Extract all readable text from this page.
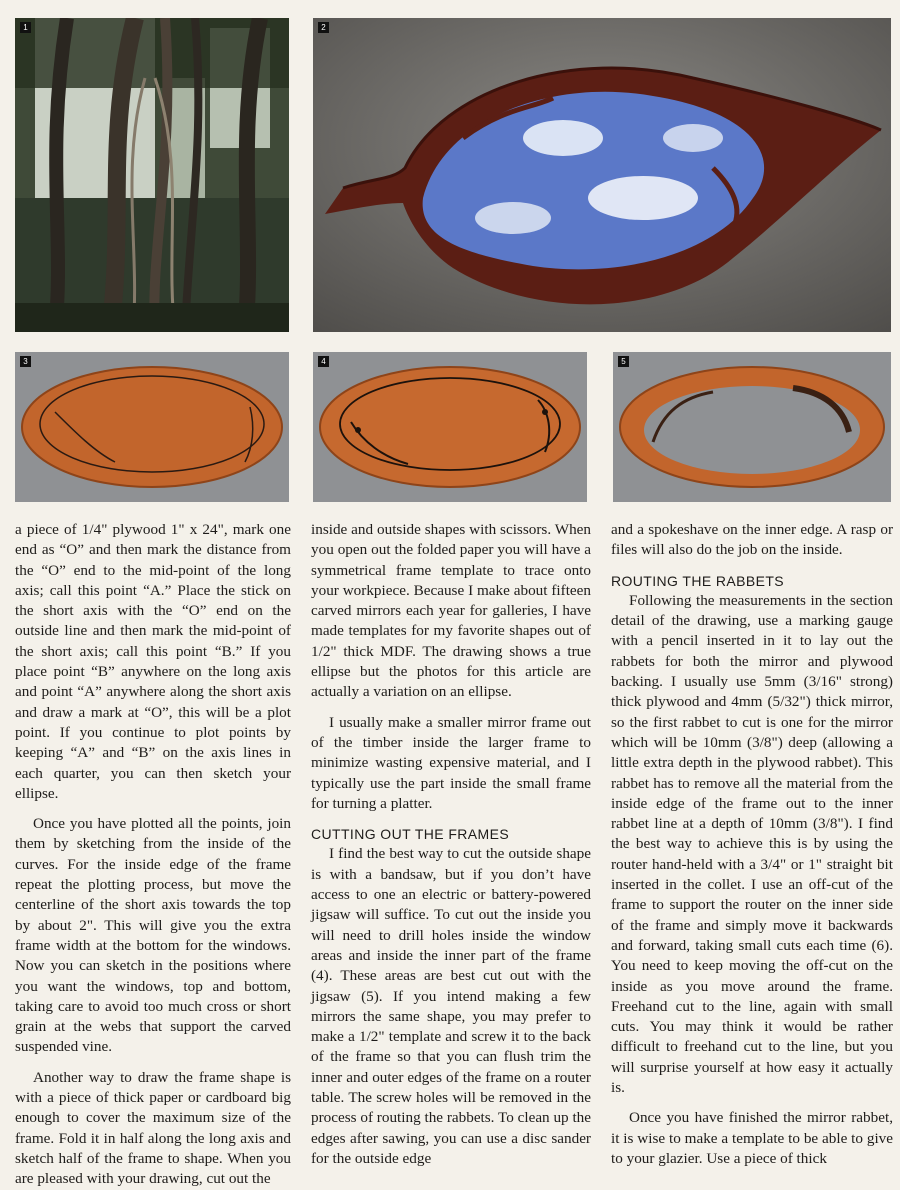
1	2
3	4	5

a piece of 1/4" plywood 1" x 24", mark one end as “O” and then mark the distance from the “O” end to the mid-point of the long axis; call this point “A.” Place the stick on the short axis with the “O” end on the outside line and then mark the mid-point of the short axis; call this point “B.” If you place point “B” anywhere on the long axis and point “A” anywhere along the short axis and draw a mark at “O”, this will be a plot point. If you continue to plot points by keeping “A” and “B” on the axis lines in each quarter, you can then sketch your ellipse.

Once you have plotted all the points, join them by sketching from the inside of the curves. For the inside edge of the frame repeat the plotting process, but move the centerline of the short axis towards the top by about 2". This will give you the extra frame width at the bottom for the windows. Now you can sketch in the positions where you want the windows, top and bottom, taking care to avoid too much cross or short grain at the webs that support the carved suspended vine.

Another way to draw the frame shape is with a piece of thick paper or cardboard big enough to cover the maximum size of the frame. Fold it in half along the long axis and sketch half of the frame to shape. When you are pleased with your drawing, cut out the

inside and outside shapes with scissors. When you open out the folded paper you will have a symmetrical frame template to trace onto your workpiece. Because I make about fifteen carved mirrors each year for galleries, I have made templates for my favorite shapes out of 1/2" thick MDF. The drawing shows a true ellipse but the photos for this article are actually a variation on an ellipse.

I usually make a smaller mirror frame out of the timber inside the larger frame to minimize wasting expensive material, and I typically use the part inside the small frame for turning a platter.

CUTTING OUT THE FRAMES

I find the best way to cut the outside shape is with a bandsaw, but if you don’t have access to one an electric or battery-powered jigsaw will suffice. To cut out the inside you will need to drill holes inside the window areas and inside the inner part of the frame (4). These areas are best cut out with the jigsaw (5). If you intend making a few mirrors the same shape, you may prefer to make a 1/2" template and screw it to the back of the frame so that you can flush trim the inner and outer edges of the frame on a router table. The screw holes will be removed in the process of routing the rabbets. To clean up the edges after sawing, you can use a disc sander for the outside edge

and a spokeshave on the inner edge. A rasp or files will also do the job on the inside.

ROUTING THE RABBETS

Following the measurements in the section detail of the drawing, use a marking gauge with a pencil inserted in it to lay out the rabbets for both the mirror and plywood backing. I usually use 5mm (3/16" strong) thick plywood and 4mm (5/32") thick mirror, so the first rabbet to cut is one for the mirror which will be 10mm (3/8") deep (allowing a little extra depth in the plywood rabbet). This rabbet has to remove all the material from the inside edge of the frame out to the inner rabbet line at a depth of 10mm (3/8"). I find the best way to achieve this is by using the router hand-held with a 3/4" or 1" straight bit inserted in the collet. I use an off-cut of the frame to support the router on the inner side of the frame and simply move it backwards and forward, taking small cuts each time (6). You need to keep moving the off-cut on the inside as you move around the frame. Freehand cut to the line, again with small cuts. You may think it would be rather difficult to freehand cut to the line, but you will surprise yourself at how easy it actually is.

Once you have finished the mirror rabbet, it is wise to make a template to be able to give to your glazier. Use a piece of thick
